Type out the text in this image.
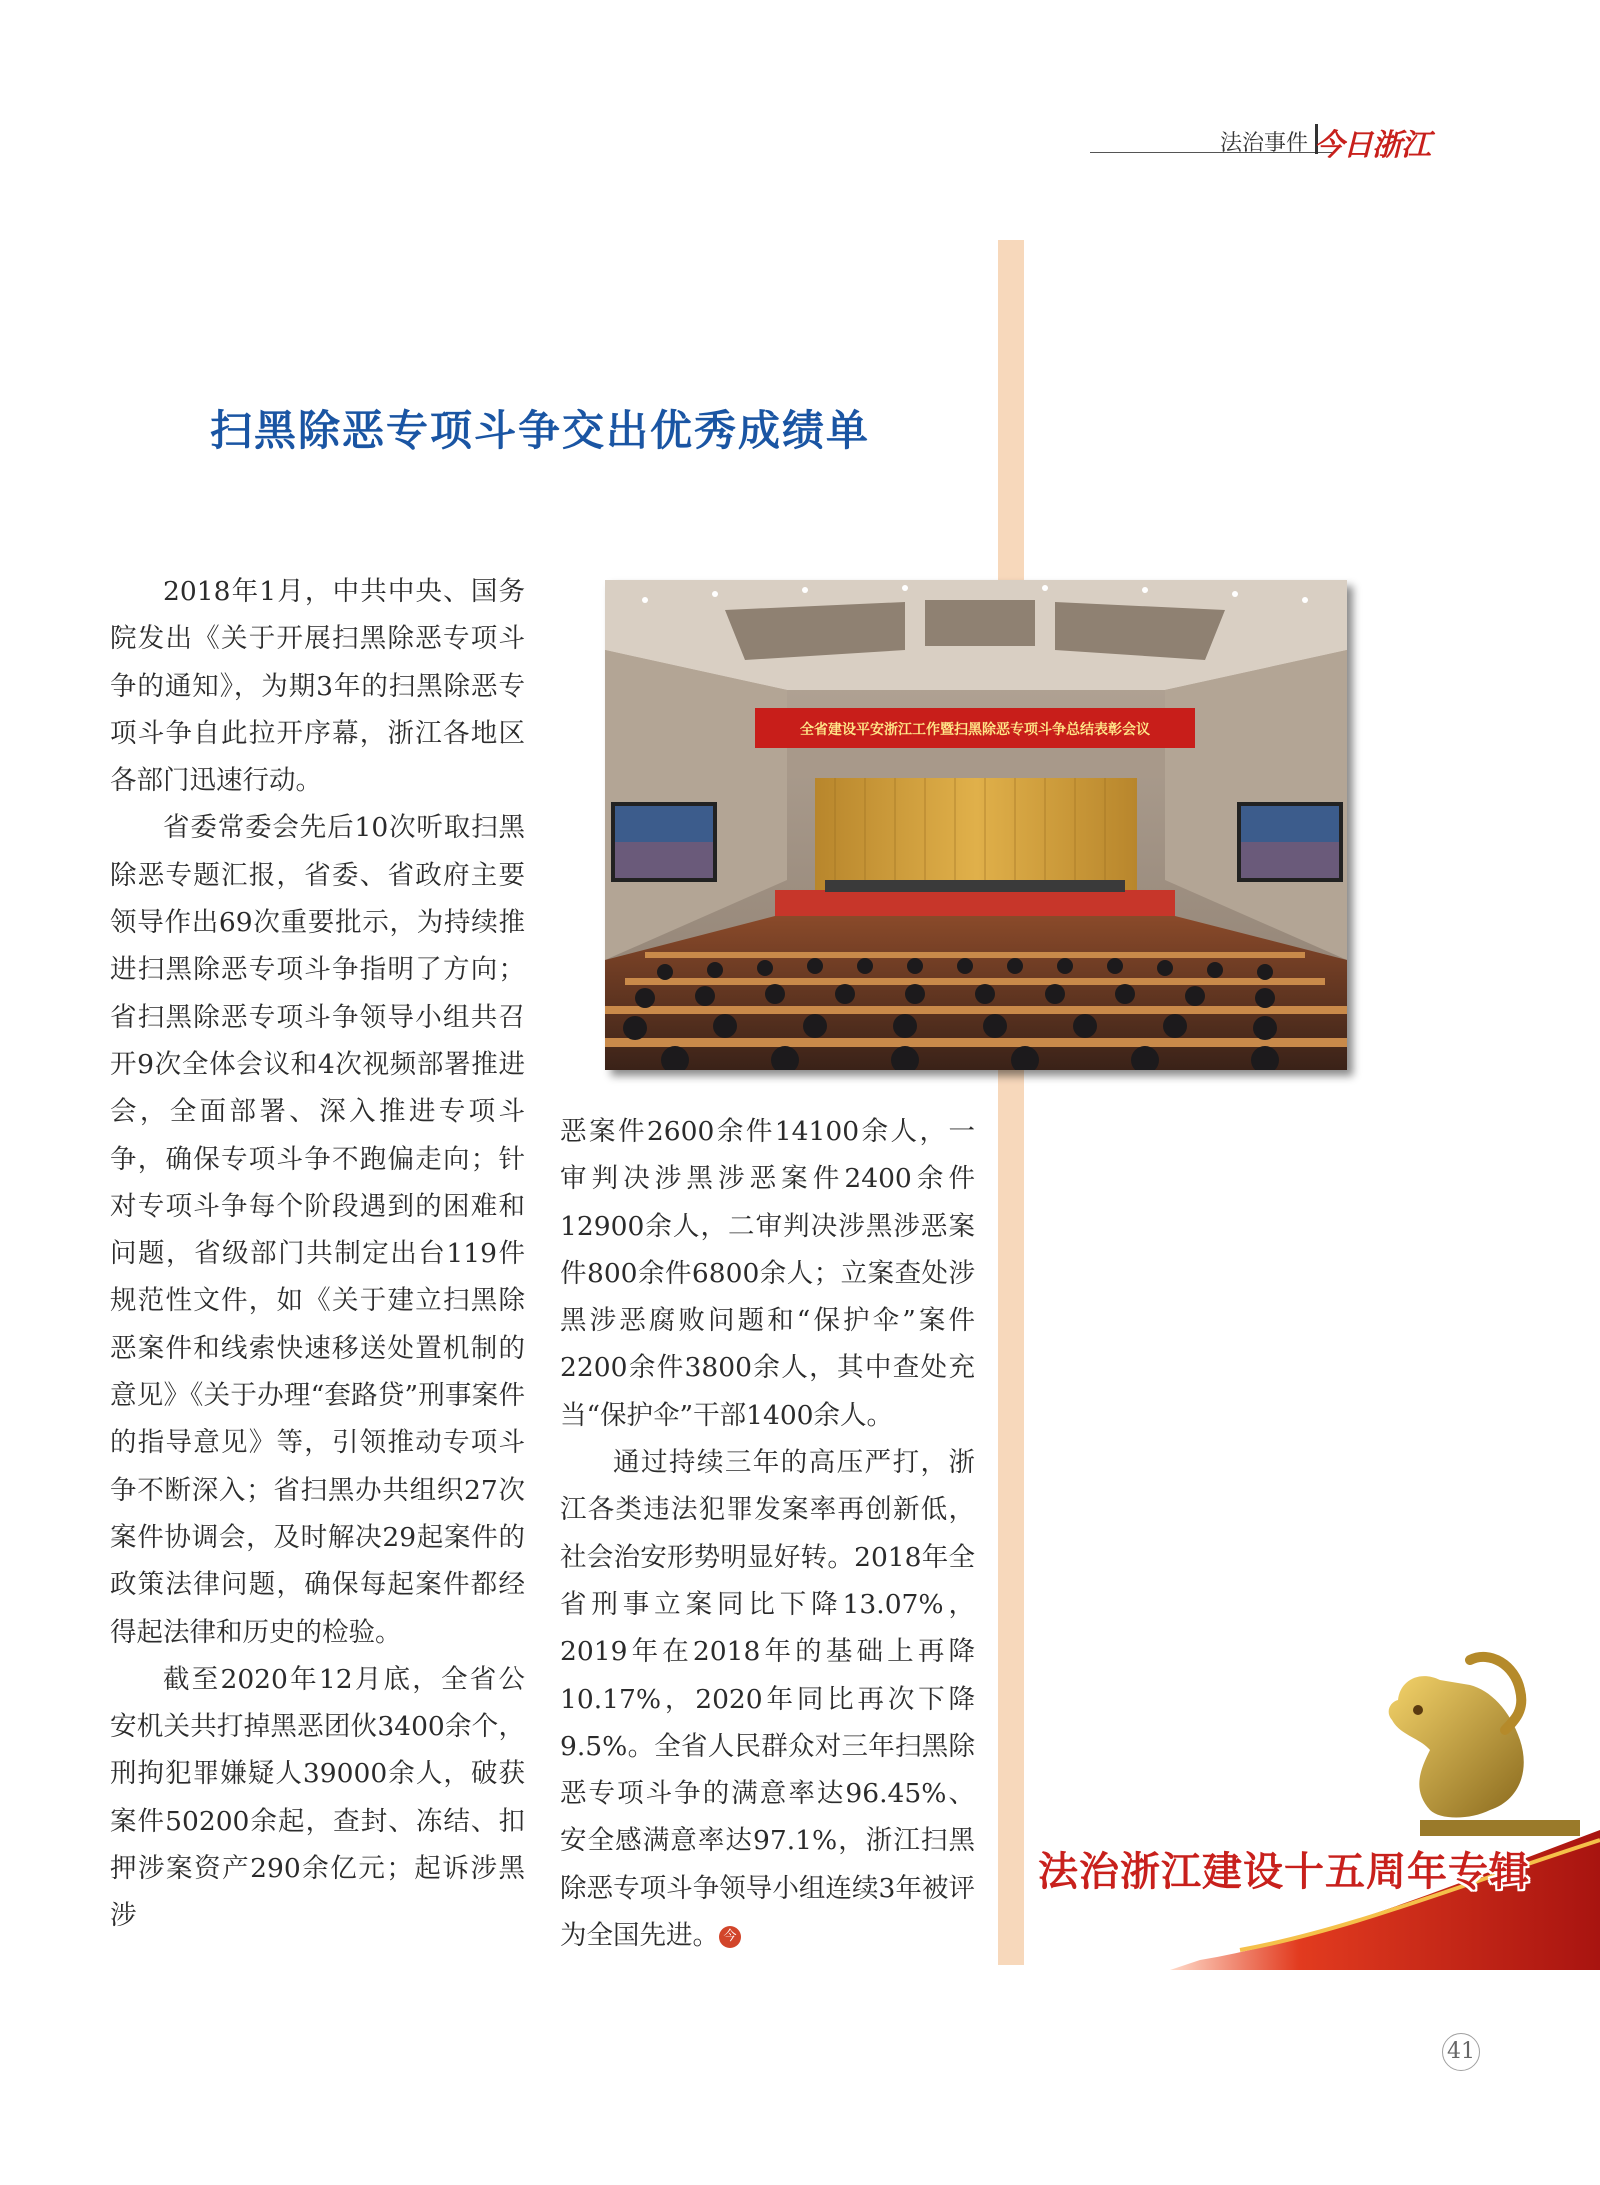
法治事件 今日浙江
扫黑除恶专项斗争交出优秀成绩单

2018年1月，中共中央、国务院发出《关于开展扫黑除恶专项斗争的通知》，为期3年的扫黑除恶专项斗争自此拉开序幕，浙江各地区各部门迅速行动。

省委常委会先后10次听取扫黑除恶专题汇报，省委、省政府主要领导作出69次重要批示，为持续推进扫黑除恶专项斗争指明了方向；省扫黑除恶专项斗争领导小组共召开9次全体会议和4次视频部署推进会，全面部署、深入推进专项斗争，确保专项斗争不跑偏走向；针对专项斗争每个阶段遇到的困难和问题，省级部门共制定出台119件规范性文件，如《关于建立扫黑除恶案件和线索快速移送处置机制的意见》《关于办理“套路贷”刑事案件的指导意见》等，引领推动专项斗争不断深入；省扫黑办共组织27次案件协调会，及时解决29起案件的政策法律问题，确保每起案件都经得起法律和历史的检验。

截至2020年12月底，全省公安机关共打掉黑恶团伙3400余个，刑拘犯罪嫌疑人39000余人，破获案件50200余起，查封、冻结、扣押涉案资产290余亿元；起诉涉黑涉

全省建设平安浙江工作暨扫黑除恶专项斗争总结表彰会议

恶案件2600余件14100余人，一审判决涉黑涉恶案件2400余件12900余人，二审判决涉黑涉恶案件800余件6800余人；立案查处涉黑涉恶腐败问题和“保护伞”案件2200余件3800余人，其中查处充当“保护伞”干部1400余人。

通过持续三年的高压严打，浙江各类违法犯罪发案率再创新低，社会治安形势明显好转。2018年全省刑事立案同比下降13.07%，2019年在2018年的基础上再降10.17%，2020年同比再次下降9.5%。全省人民群众对三年扫黑除恶专项斗争的满意率达96.45%、安全感满意率达97.1%，浙江扫黑除恶专项斗争领导小组连续3年被评为全国先进。 今

法治浙江建设十五周年专辑
41
